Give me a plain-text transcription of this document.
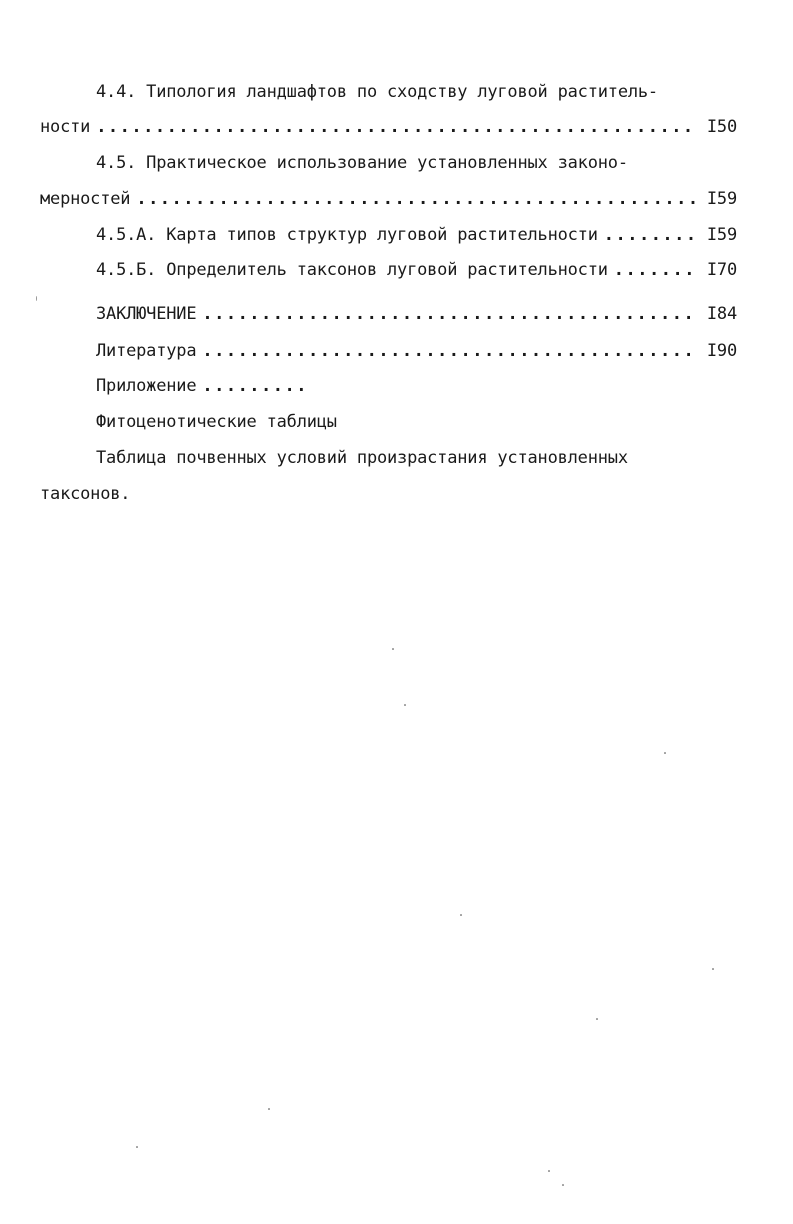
4.4. Типология ландшафтов по сходству луговой раститель-
ности .....	I50
4.5. Практическое использование установленных законо-
мерностей .....	I59
4.5.А. Карта типов структур луговой растительности .....	I59
4.5.Б. Определитель таксонов луговой растительности .....	I70
ЗАКЛЮЧЕНИЕ .....	I84
Литература .....	I90
Приложение .........
Фитоценотические таблицы
Таблица почвенных условий произрастания установленных
таксонов.
